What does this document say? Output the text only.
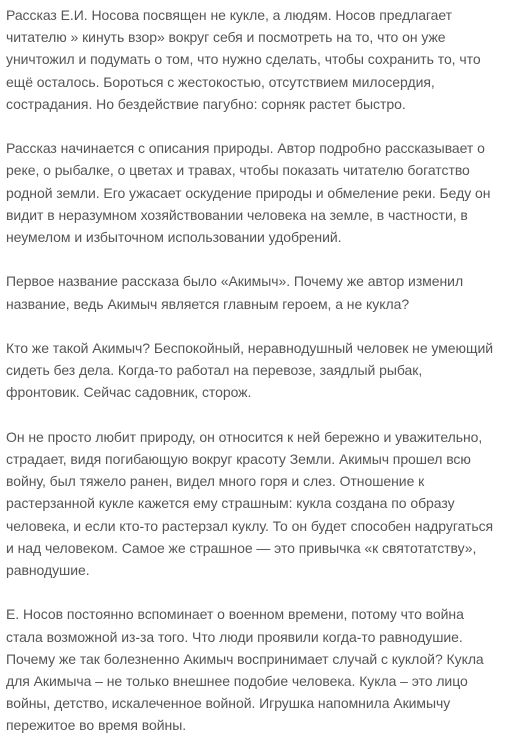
Рассказ Е.И. Носова посвящен не кукле, а людям. Носов предлагает
читателю » кинуть взор» вокруг себя и посмотреть на то, что он уже
уничтожил и подумать о том, что нужно сделать, чтобы сохранить то, что
ещё осталось. Бороться с жестокостью, отсутствием милосердия,
сострадания. Но бездействие пагубно: сорняк растет быстро.

Рассказ начинается с описания природы. Автор подробно рассказывает о
реке, о рыбалке, о цветах и травах, чтобы показать читателю богатство
родной земли. Его ужасает оскудение природы и обмеление реки. Беду он
видит в неразумном хозяйствовании человека на земле, в частности, в
неумелом и избыточном использовании удобрений.

Первое название рассказа было «Акимыч». Почему же автор изменил
название, ведь Акимыч является главным героем, а не кукла?

Кто же такой Акимыч? Беспокойный, неравнодушный человек не умеющий
сидеть без дела. Когда-то работал на перевозе, заядлый рыбак,
фронтовик. Сейчас садовник, сторож.

Он не просто любит природу, он относится к ней бережно и уважительно,
страдает, видя погибающую вокруг красоту Земли. Акимыч прошел всю
войну, был тяжело ранен, видел много горя и слез. Отношение к
растерзанной кукле кажется ему страшным: кукла создана по образу
человека, и если кто-то растерзал куклу. То он будет способен надругаться
и над человеком. Самое же страшное — это привычка «к святотатству»,
равнодушие.

Е. Носов постоянно вспоминает о военном времени, потому что война
стала возможной из-за того. Что люди проявили когда-то равнодушие.
Почему же так болезненно Акимыч воспринимает случай с куклой? Кукла
для Акимыча – не только внешнее подобие человека. Кукла – это лицо
войны, детство, искалеченное войной. Игрушка напомнила Акимычу
пережитое во время войны.
